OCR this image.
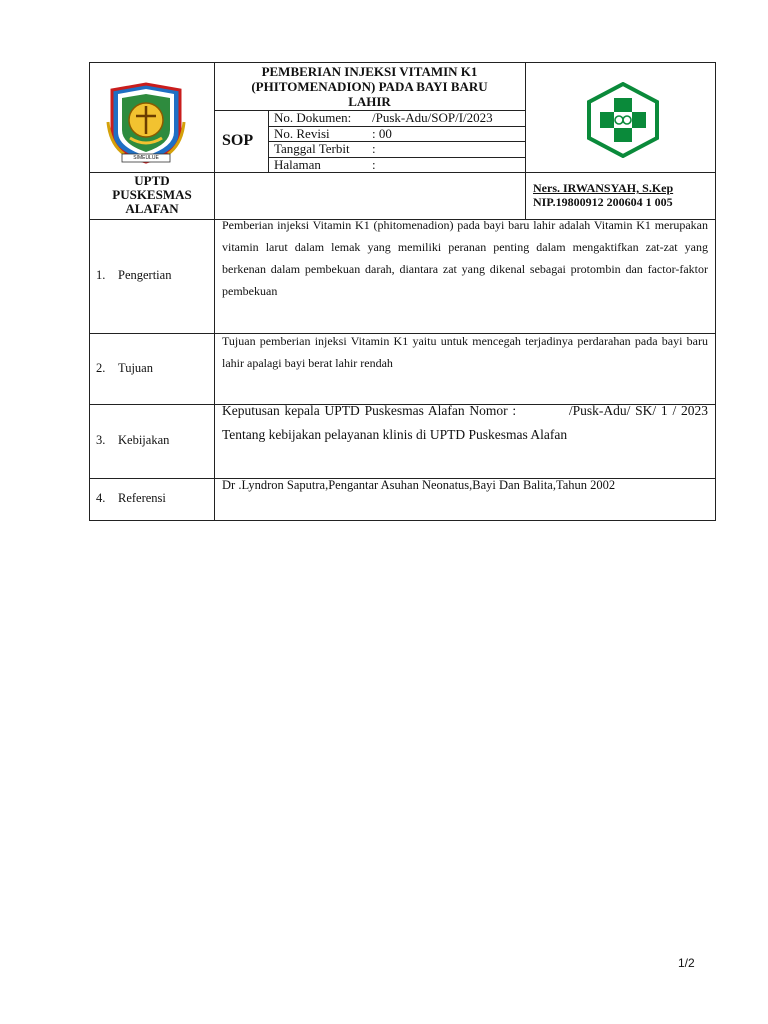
SIMEULUE
PEMBERIAN INJEKSI VITAMIN K1
(PHITOMENADION) PADA BAYI BARU
LAHIR
SOP
No. Dokumen: /Pusk-Adu/SOP/I/2023
No. Revisi	: 00
Tanggal Terbit :
Halaman	:
UPTD
PUSKESMAS
ALAFAN
Ners. IRWANSYAH, S.Kep
NIP.19800912 200604 1 005
1. Pengertian
Pemberian injeksi Vitamin K1 (phitomenadion) pada bayi baru lahir adalah Vitamin K1 merupakan vitamin larut dalam lemak yang memiliki peranan penting dalam mengaktifkan zat-zat yang berkenan dalam pembekuan darah, diantara zat yang dikenal sebagai protombin dan factor-faktor pembekuan
2. Tujuan
Tujuan pemberian injeksi Vitamin K1 yaitu untuk mencegah terjadinya perdarahan pada bayi baru lahir apalagi bayi berat lahir rendah
3. Kebijakan
Keputusan kepala UPTD Puskesmas Alafan Nomor :           /Pusk-Adu/ SK/ 1 / 2023 Tentang kebijakan pelayanan klinis di UPTD Puskesmas Alafan
4. Referensi
Dr .Lyndron Saputra,Pengantar Asuhan Neonatus,Bayi Dan Balita,Tahun 2002
1/2
